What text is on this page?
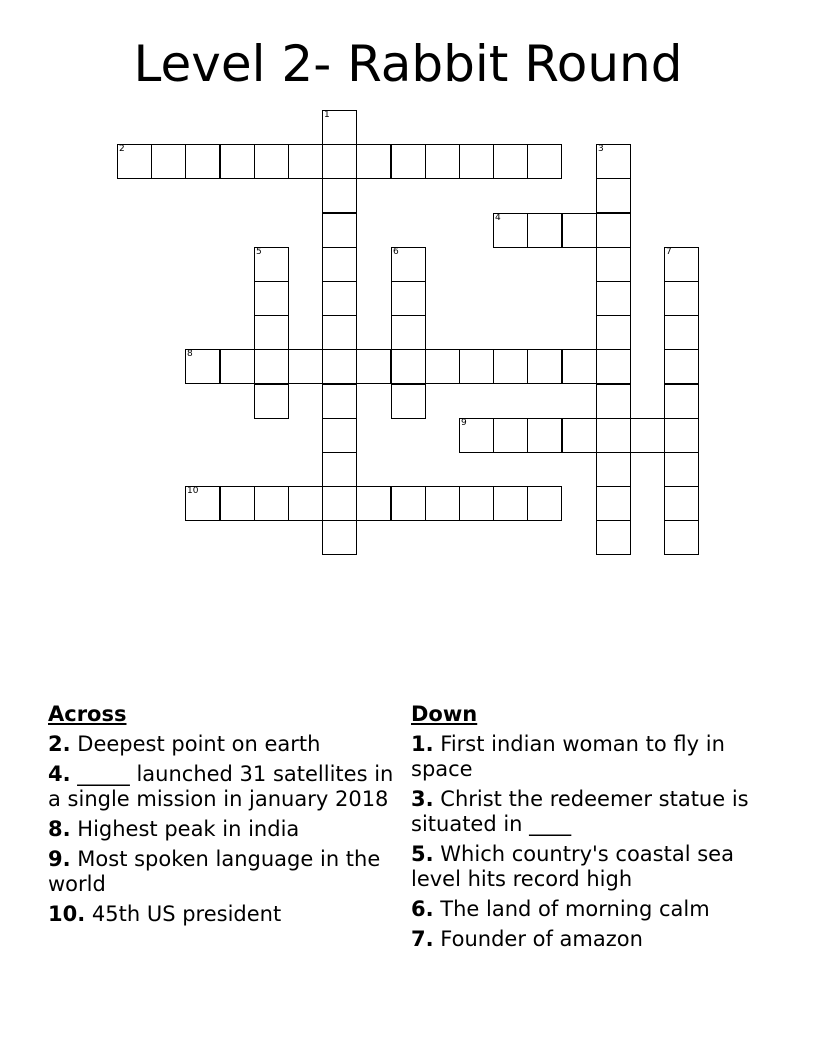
Level 2- Rabbit Round
1
2	3
4
5	6	7
8
9
10
Across
2. Deepest point on earth
4. _____ launched 31 satellites in a single mission in january 2018
8. Highest peak in india
9. Most spoken language in the world
10. 45th US president
Down
1. First indian woman to fly in space
3. Christ the redeemer statue is situated in ____
5. Which country's coastal sea level hits record high
6. The land of morning calm
7. Founder of amazon
